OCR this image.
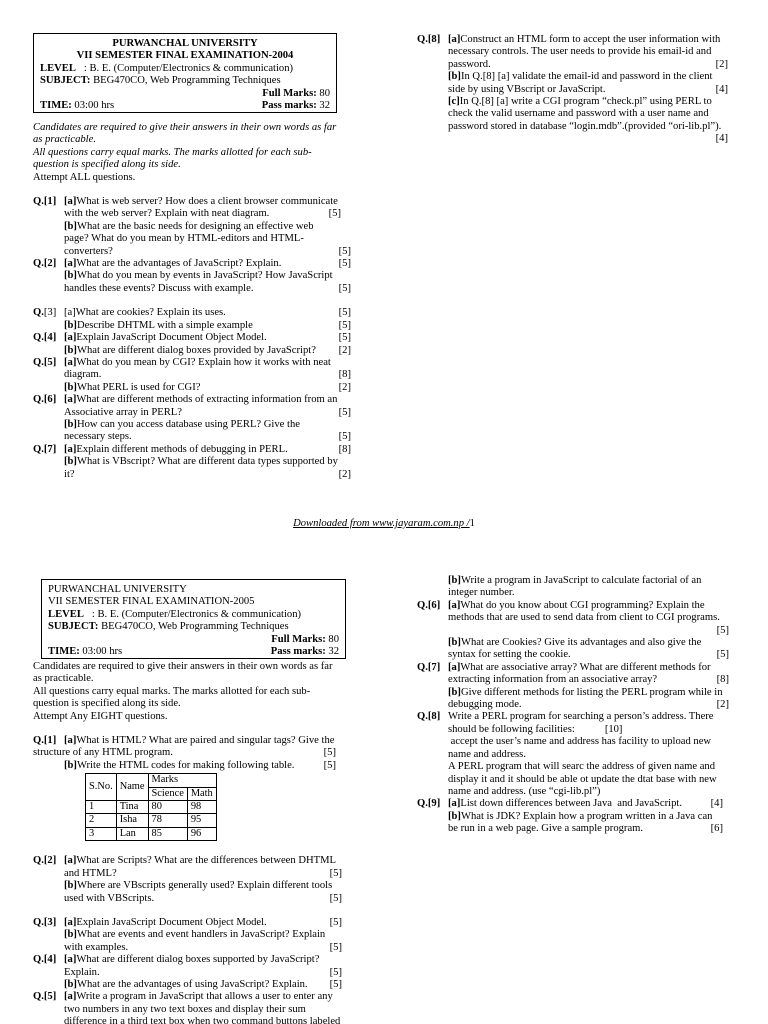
PURWANCHAL UNIVERSITY
VII SEMESTER FINAL EXAMINATION-2004
LEVEL   : B. E. (Computer/Electronics & communication)
SUBJECT: BEG470CO, Web Programming Techniques
Full Marks: 80
TIME: 03:00 hrs	Pass marks: 32
Candidates are required to give their answers in their own words as far
as practicable.
All questions carry equal marks. The marks allotted for each sub-
question is specified along its side.
Attempt ALL questions.
Q.[1] [a]What is web server? How does a client browser communicate
with the web server? Explain with neat diagram.	[5]
[b]What are the basic needs for designing an effective web
page? What do you mean by HTML-editors and HTML-
converters?	[5]
Q.[2] [a]What are the advantages of JavaScript? Explain.	[5]
[b]What do you mean by events in JavaScript? How JavaScript
handles these events? Discuss with example.	[5]
Q.[3] [a]What are cookies? Explain its uses.	[5]
[b]Describe DHTML with a simple example	[5]
Q.[4] [a]Explain JavaScript Document Object Model.	[5]
[b]What are different dialog boxes provided by JavaScript? [2]
Q.[5] [a]What do you mean by CGI? Explain how it works with neat
diagram.	[8]
[b]What PERL is used for CGI?	[2]
Q.[6] [a]What are different methods of extracting information from an
Associative array in PERL?	[5]
[b]How can you access database using PERL? Give the
necessary steps.	[5]
Q.[7] [a]Explain different methods of debugging in PERL.	[8]
[b]What is VBscript? What are different data types supported by
it?	[2]
Q.[8] [a]Construct an HTML form to accept the user information with
necessary controls. The user needs to provide his email-id and
password.	[2]
[b]In Q.[8] [a] validate the email-id and password in the client
side by using VBscript or JavaScript.	[4]
[c]In Q.[8] [a] write a CGI program “check.pl” using PERL to
check the valid username and password with a user name and
password stored in database “login.mdb”.(provided “ori-lib.pl”).
[4]
Downloaded from www.jayaram.com.np /1
PURWANCHAL UNIVERSITY
VII SEMESTER FINAL EXAMINATION-2005
LEVEL   : B. E. (Computer/Electronics & communication)
SUBJECT: BEG470CO, Web Programming Techniques
Full Marks: 80
TIME: 03:00 hrs	Pass marks: 32
Candidates are required to give their answers in their own words as far
as practicable.
All questions carry equal marks. The marks allotted for each sub-
question is specified along its side.
Attempt Any EIGHT questions.
Q.[1] [a]What is HTML? What are paired and singular tags? Give the
structure of any HTML program.	[5]
[b]Write the HTML codes for making following table.	[5]
S.No.	Name	Marks	
		Science	Math
1	Tina	80	98
2	Isha	78	95
3	Lan	85	96
Q.[2] [a]What are Scripts? What are the differences between DHTML
and HTML?	[5]
[b]Where are VBscripts generally used? Explain different tools
used with VBScripts.	[5]
Q.[3] [a]Explain JavaScript Document Object Model.	[5]
[b]What are events and event handlers in JavaScript? Explain
with examples.	[5]
Q.[4] [a]What are different dialog boxes supported by JavaScript?
Explain.	[5]
[b]What are the advantages of using JavaScript? Explain. [5]
Q.[5] [a]Write a program in JavaScript that allows a user to enter any
two numbers in any two text boxes and display their sum
difference in a third text box when two command buttons labeled
[b]Write a program in JavaScript to calculate factorial of an
integer number.
Q.[6] [a]What do you know about CGI programming? Explain the
methods that are used to send data from client to CGI programs.
[5]
[b]What are Cookies? Give its advantages and also give the
syntax for setting the cookie.	[5]
Q.[7] [a]What are associative array? What are different methods for
extracting information from an associative array?	[8]
[b]Give different methods for listing the PERL program while in
debugging mode.	[2]
Q.[8] Write a PERL program for searching a person’s address. There
should be following facilities:	[10]
accept the user’s name and address has facility to upload new
name and address.
A PERL program that will searc the address of given name and
display it and it should be able ot update the dtat base with new
name and address. (use “cgi-lib.pl”)
Q.[9] [a]List down differences between Java  and JavaScript.	[4]
[b]What is JDK? Explain how a program written in a Java can
be run in a web page. Give a sample program.	[6]
